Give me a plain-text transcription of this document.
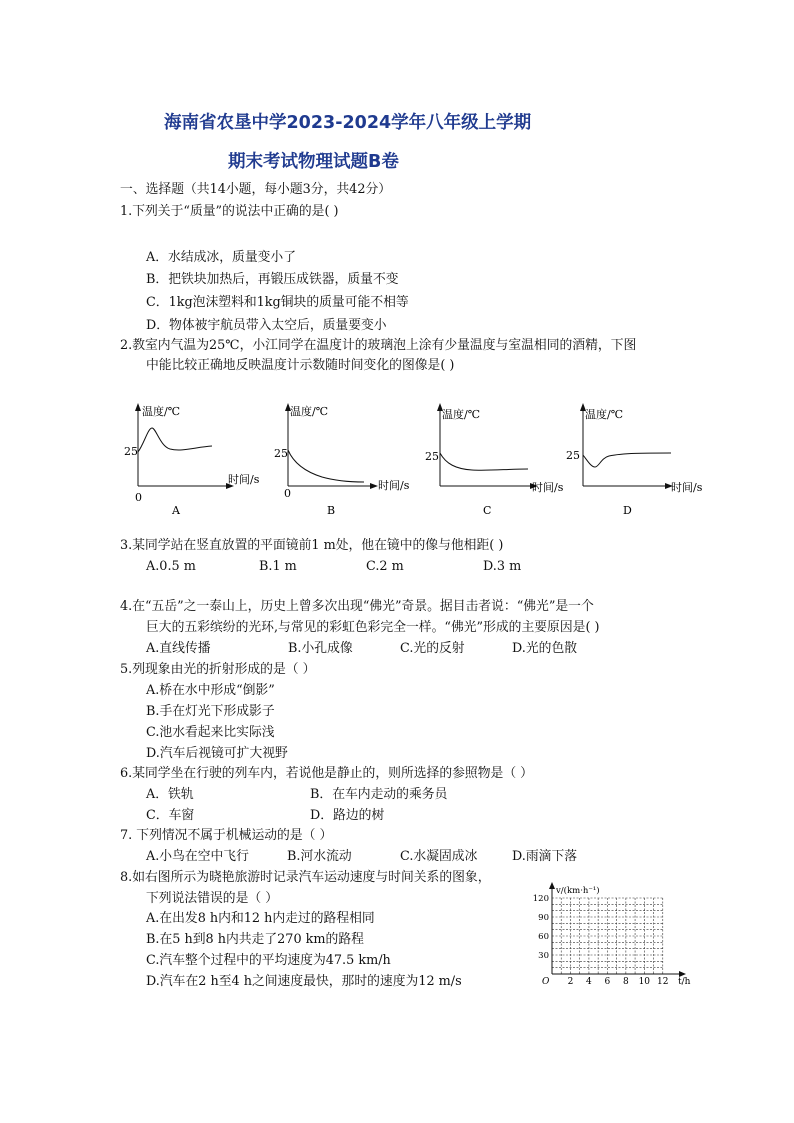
海南省农垦中学2023-2024学年八年级上学期
期末考试物理试题B卷
一、选择题（共14小题，每小题3分，共42分）
1.下列关于“质量”的说法中正确的是( )
A．水结成冰，质量变小了
B．把铁块加热后，再锻压成铁器，质量不变
C．1kg泡沫塑料和1kg铜块的质量可能不相等
D．物体被宇航员带入太空后，质量要变小
2.教室内气温为25℃，小江同学在温度计的玻璃泡上涂有少量温度与室温相同的酒精，下图
中能比较正确地反映温度计示数随时间变化的图像是( )
温度/℃
25
0
时间/s
A
温度/℃
25
0
时间/s
B
温度/℃
25
时间/s
C
温度/℃
25
时间/s
D
3.某同学站在竖直放置的平面镜前1 m处，他在镜中的像与他相距( )
A.0.5 m	B.1 m	C.2 m	D.3 m
4.在“五岳”之一泰山上，历史上曾多次出现“佛光”奇景。据目击者说：“佛光”是一个
巨大的五彩缤纷的光环,与常见的彩虹色彩完全一样。“佛光”形成的主要原因是( )
A.直线传播	B.小孔成像	C.光的反射	D.光的色散
5.列现象由光的折射形成的是（ ）
A.桥在水中形成“倒影”
B.手在灯光下形成影子
C.池水看起来比实际浅
D.汽车后视镜可扩大视野
6.某同学坐在行驶的列车内，若说他是静止的，则所选择的参照物是（ ）
A．铁轨	B．在车内走动的乘务员
C．车窗	D．路边的树
7. 下列情况不属于机械运动的是（ ）
A.小鸟在空中飞行	B.河水流动	C.水凝固成冰	D.雨滴下落
8.如右图所示为晓艳旅游时记录汽车运动速度与时间关系的图象，
下列说法错误的是（ ）
A.在出发8 h内和12 h内走过的路程相同
B.在5 h到8 h内共走了270 km的路程
C.汽车整个过程中的平均速度为47.5 km/h
D.汽车在2 h至4 h之间速度最快，那时的速度为12 m/s	2 4 6 8 10 12
30
60
90
120
v/(km·h⁻¹)
t/h
O
